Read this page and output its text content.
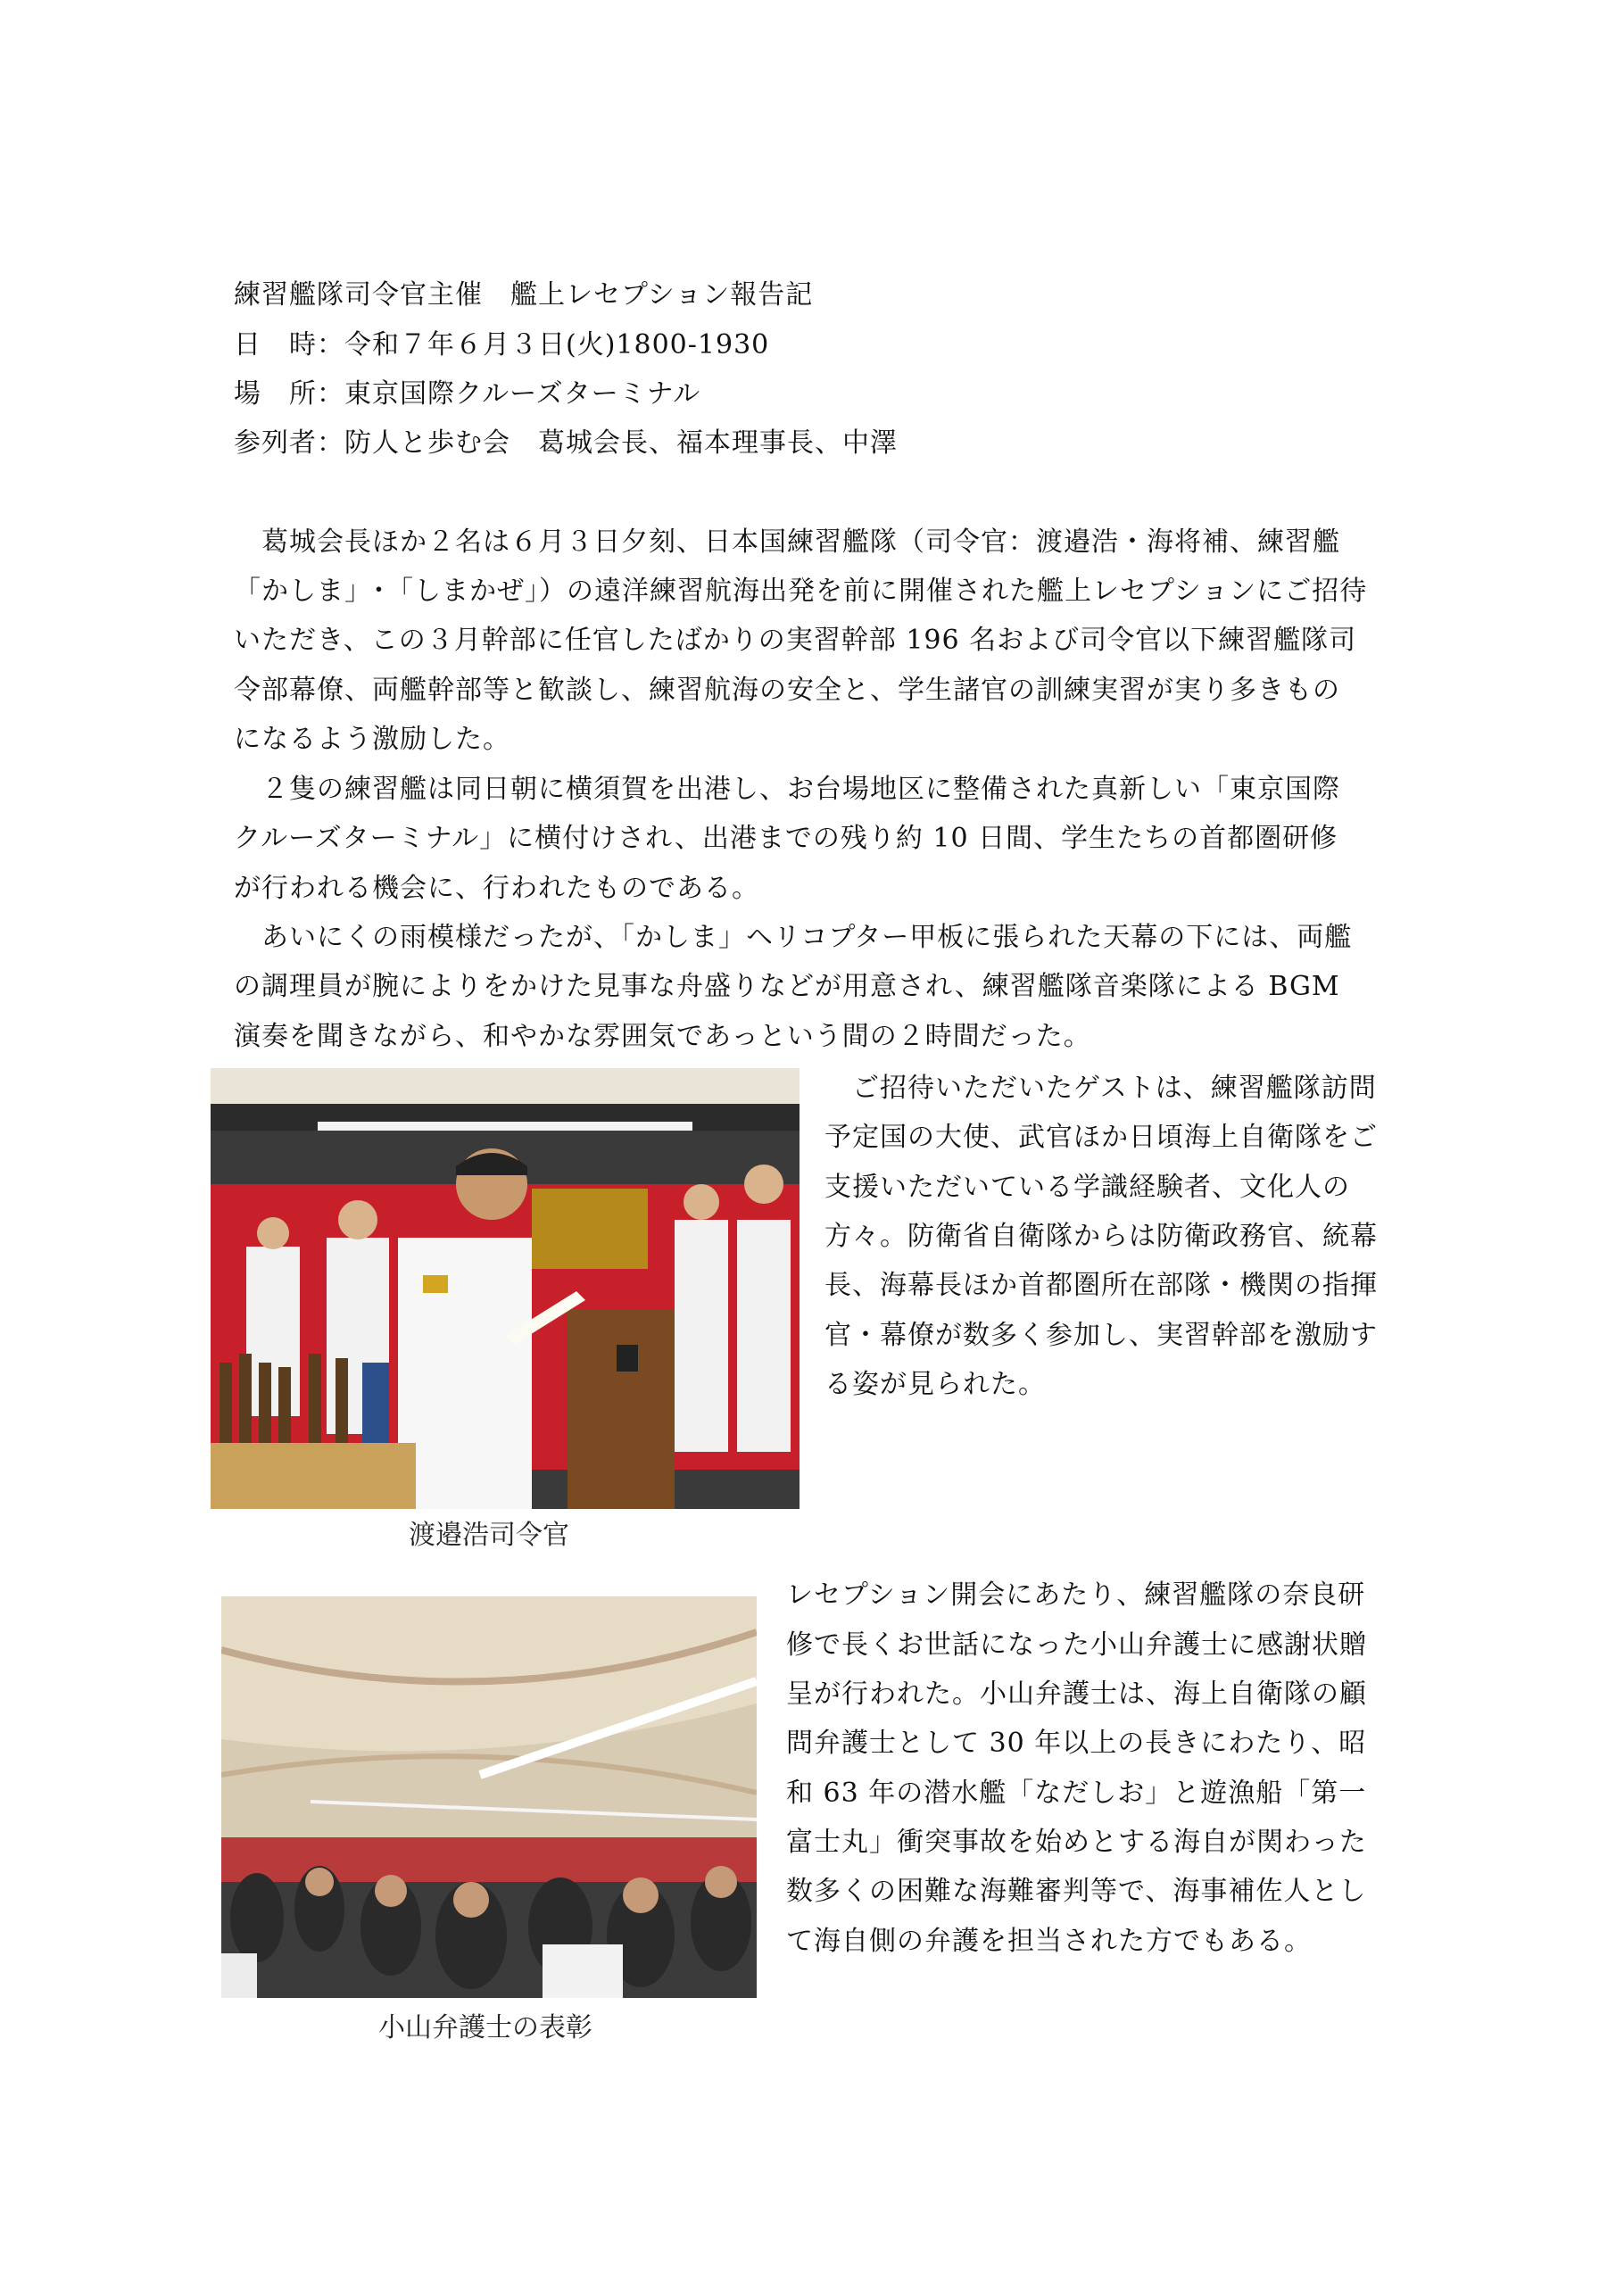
練習艦隊司令官主催　艦上レセプション報告記
日　時：令和７年６月３日(火)1800-1930
場　所：東京国際クルーズターミナル
参列者：防人と歩む会　葛城会長、福本理事長、中澤
　葛城会長ほか２名は６月３日夕刻、日本国練習艦隊（司令官：渡邉浩・海将補、練習艦
「かしま」･「しまかぜ」）の遠洋練習航海出発を前に開催された艦上レセプションにご招待
いただき、この３月幹部に任官したばかりの実習幹部 196 名および司令官以下練習艦隊司
令部幕僚、両艦幹部等と歓談し、練習航海の安全と、学生諸官の訓練実習が実り多きもの
になるよう激励した。
　２隻の練習艦は同日朝に横須賀を出港し、お台場地区に整備された真新しい「東京国際
クルーズターミナル」に横付けされ、出港までの残り約 10 日間、学生たちの首都圏研修
が行われる機会に、行われたものである。
　あいにくの雨模様だったが、「かしま」ヘリコプター甲板に張られた天幕の下には、両艦
の調理員が腕によりをかけた見事な舟盛りなどが用意され、練習艦隊音楽隊による BGM
演奏を聞きながら、和やかな雰囲気であっという間の２時間だった。
　ご招待いただいたゲストは、練習艦隊訪問
予定国の大使、武官ほか日頃海上自衛隊をご
支援いただいている学識経験者、文化人の
方々。防衛省自衛隊からは防衛政務官、統幕
長、海幕長ほか首都圏所在部隊・機関の指揮
官・幕僚が数多く参加し、実習幹部を激励す
る姿が見られた。
渡邉浩司令官
レセプション開会にあたり、練習艦隊の奈良研
修で長くお世話になった小山弁護士に感謝状贈
呈が行われた。小山弁護士は、海上自衛隊の顧
問弁護士として 30 年以上の長きにわたり、昭
和 63 年の潜水艦「なだしお」と遊漁船「第一
富士丸」衝突事故を始めとする海自が関わった
数多くの困難な海難審判等で、海事補佐人とし
て海自側の弁護を担当された方でもある。
小山弁護士の表彰
